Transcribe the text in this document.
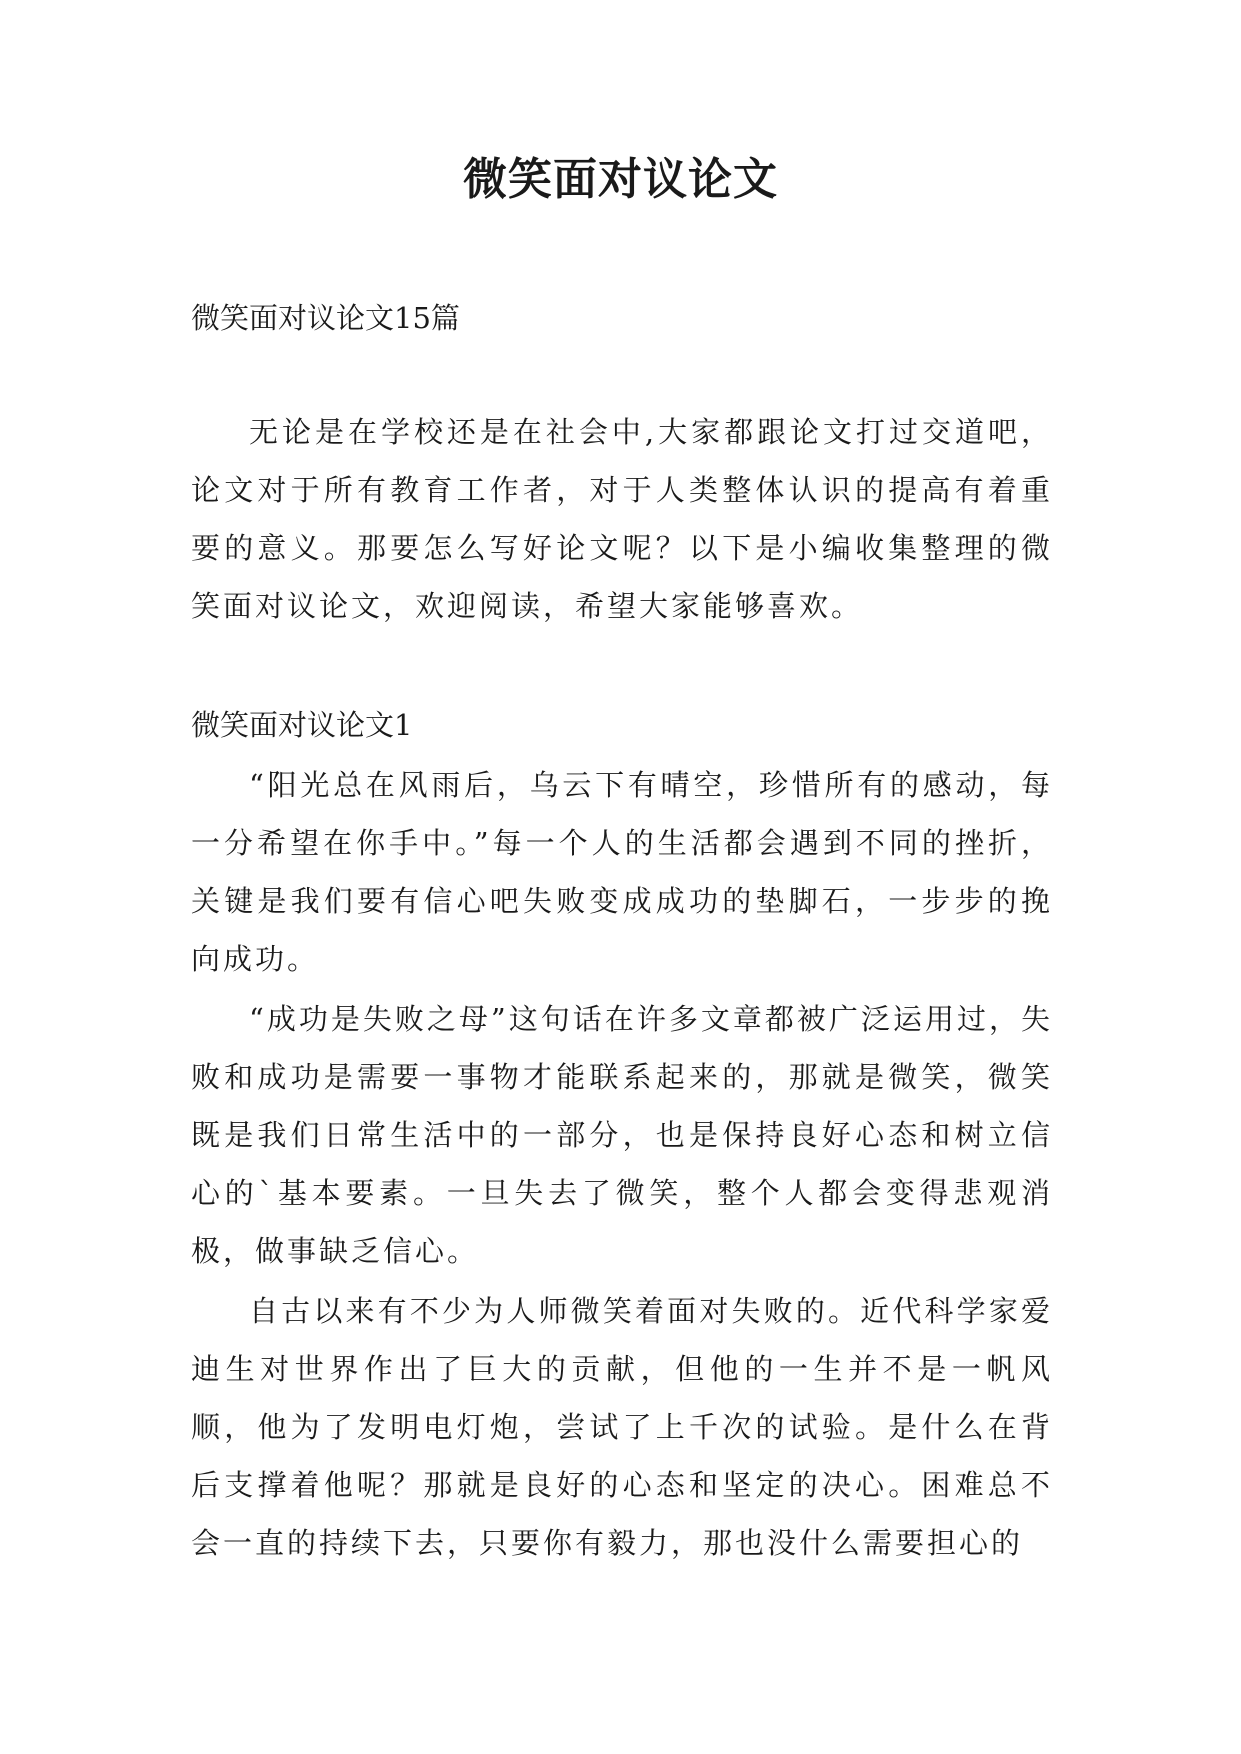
微笑面对议论文

微笑面对议论文15篇

无论是在学校还是在社会中,大家都跟论文打过交道吧，论文对于所有教育工作者，对于人类整体认识的提高有着重要的意义。那要怎么写好论文呢？以下是小编收集整理的微笑面对议论文，欢迎阅读，希望大家能够喜欢。

微笑面对议论文1

“阳光总在风雨后，乌云下有晴空，珍惜所有的感动，每一分希望在你手中。”每一个人的生活都会遇到不同的挫折，关键是我们要有信心吧失败变成成功的垫脚石，一步步的挽向成功。

“成功是失败之母”这句话在许多文章都被广泛运用过，失败和成功是需要一事物才能联系起来的，那就是微笑，微笑既是我们日常生活中的一部分，也是保持良好心态和树立信心的`基本要素。一旦失去了微笑，整个人都会变得悲观消极，做事缺乏信心。

自古以来有不少为人师微笑着面对失败的。近代科学家爱迪生对世界作出了巨大的贡献，但他的一生并不是一帆风顺，他为了发明电灯炮，尝试了上千次的试验。是什么在背后支撑着他呢？那就是良好的心态和坚定的决心。困难总不会一直的持续下去，只要你有毅力，那也没什么需要担心的
